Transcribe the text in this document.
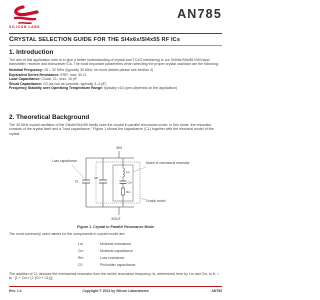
SILICON LABS
AN785
CRYSTAL SELECTION GUIDE FOR THE SI4x6x/SI4x55 RF ICs
1. Introduction

The aim of this application note is to give a better understanding of crystal and TCXO interfacing to our Si4x6x/Si4x55 ISM band transmitter, receiver and transceiver ICs. The most important parameters when selecting the proper crystal oscillator are the following:

Nominal Frequency: 25 – 32 MHz (typically 30 MHz; for more details please see section 4)
Equivalent Series Resistance: ESR: max. 60 Ω
Load Capacitance: Cload, CL: max. 10 pF
Shunt Capacitance: C0 (as low as possible, typically 3–4 pF)
Frequency Stability over Operating Temperature Range: typically ±10 ppm (depends on the application)
2. Theoretical Background
The 30 MHz crystal oscillator of the Si4x6x/Si4x55 family uses the crystal in parallel resonance mode. In this mode, the resonator consists of the crystal itself and a "load capacitance." Figure 1 shows the capacitance (CL) together with the electrical model of the crystal.
XIN
XOUT
CL
C0
Lm
Cm
Rm
Load capacitance	Model of mechanical resonator
Crystal model
Figure 1. Crystal in Parallel Resonance Mode
The most commonly used names for the components in crystal model are:
Lm	Motional inductance
Cm	Motional capacitance
Rm	Loss resistance
C0	Pin/holder capacitance
The addition of CL detunes the mechanical resonator from the series resonance frequency, fs, determined here by Lm and Cm, to fL = fs · [1 + Cm / (2·(C0 + CL))].
Rev. 1.2	Copyright © 2013 by Silicon Laboratories	AN785
